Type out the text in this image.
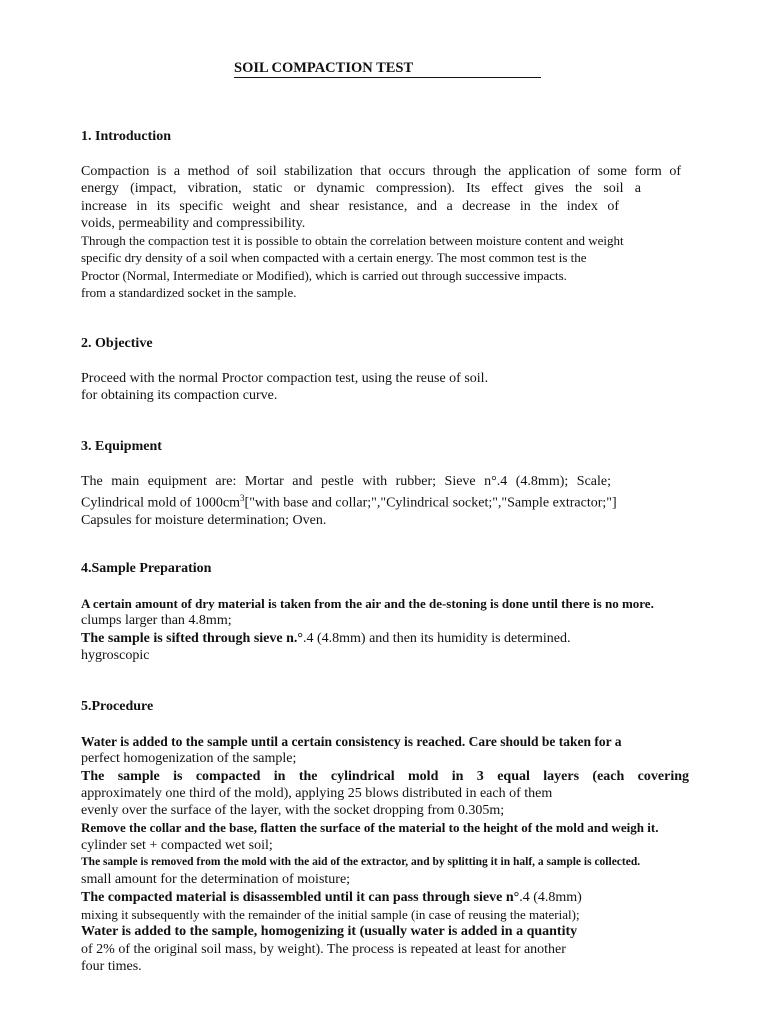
SOIL COMPACTION TEST
1. Introduction
Compaction is a method of soil stabilization that occurs through the application of some form of
energy (impact, vibration, static or dynamic compression). Its effect gives the soil a
increase in its specific weight and shear resistance, and a decrease in the index of
voids, permeability and compressibility.
Through the compaction test it is possible to obtain the correlation between moisture content and weight
specific dry density of a soil when compacted with a certain energy. The most common test is the
Proctor (Normal, Intermediate or Modified), which is carried out through successive impacts.
from a standardized socket in the sample.
2. Objective
Proceed with the normal Proctor compaction test, using the reuse of soil.
for obtaining its compaction curve.
3. Equipment
The main equipment are: Mortar and pestle with rubber; Sieve n°.4 (4.8mm); Scale;
Cylindrical mold of $1000cm^3["with$ base and collar;","Cylindrical socket;","Sample extractor;"]
Capsules for moisture determination; Oven.
4.Sample Preparation
A certain amount of dry material is taken from the air and the de-stoning is done until there is no more.
clumps larger than 4.8mm;
The sample is sifted through sieve n.°.4 (4.8mm) and then its humidity is determined.
hygroscopic
5.Procedure
Water is added to the sample until a certain consistency is reached. Care should be taken for a
perfect homogenization of the sample;
The sample is compacted in the cylindrical mold in 3 equal layers (each covering
approximately one third of the mold), applying 25 blows distributed in each of them
evenly over the surface of the layer, with the socket dropping from 0.305m;
Remove the collar and the base, flatten the surface of the material to the height of the mold and weigh it.
cylinder set + compacted wet soil;
The sample is removed from the mold with the aid of the extractor, and by splitting it in half, a sample is collected.
small amount for the determination of moisture;
The compacted material is disassembled until it can pass through sieve n°.4 (4.8mm)
mixing it subsequently with the remainder of the initial sample (in case of reusing the material);
Water is added to the sample, homogenizing it (usually water is added in a quantity
of 2% of the original soil mass, by weight). The process is repeated at least for another
four times.
